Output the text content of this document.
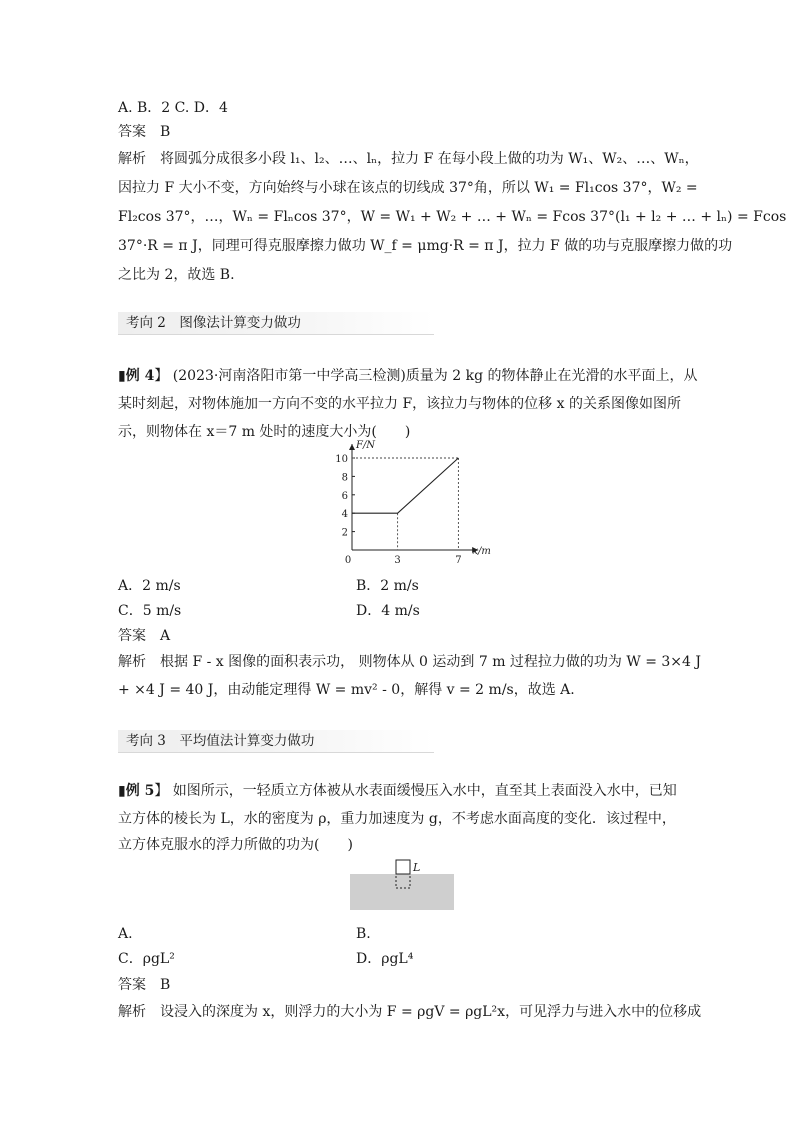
A. B．2 C. D．4
答案　B
解析　将圆弧分成很多小段 l₁、l₂、…、lₙ，拉力 F 在每小段上做的功为 W₁、W₂、…、Wₙ，
因拉力 F 大小不变，方向始终与小球在该点的切线成 37°角，所以 W₁ = Fl₁cos 37°，W₂ =
Fl₂cos 37°，…，Wₙ = Flₙcos 37°，W = W₁ + W₂ + … + Wₙ = Fcos 37°(l₁ + l₂ + … + lₙ) = Fcos
37°·R = π J，同理可得克服摩擦力做功 W_f = μmg·R = π J，拉力 F 做的功与克服摩擦力做的功
之比为 2，故选 B.
考向 2　图像法计算变力做功
▮例 4】 (2023·河南洛阳市第一中学高三检测)质量为 2 kg 的物体静止在光滑的水平面上，从
某时刻起，对物体施加一方向不变的水平拉力 F，该拉力与物体的位移 x 的关系图像如图所
示，则物体在 x＝7 m 处时的速度大小为(　　)
2
4
6
8
10
0	3	7
x/m
F/N
A．2 m/s	B．2 m/s
C．5 m/s	D．4 m/s
答案　A
解析　根据 F - x 图像的面积表示功， 则物体从 0 运动到 7 m 过程拉力做的功为 W = 3×4 J
+ ×4 J = 40 J，由动能定理得 W = mv² - 0，解得 v = 2 m/s，故选 A.
考向 3　平均值法计算变力做功
▮例 5】 如图所示，一轻质立方体被从水表面缓慢压入水中，直至其上表面没入水中，已知
立方体的棱长为 L，水的密度为 ρ，重力加速度为 g，不考虑水面高度的变化．该过程中，
立方体克服水的浮力所做的功为(　　)
L
A.	B.
C．ρgL²	D．ρgL⁴
答案　B
解析　设浸入的深度为 x，则浮力的大小为 F = ρgV = ρgL²x，可见浮力与进入水中的位移成
